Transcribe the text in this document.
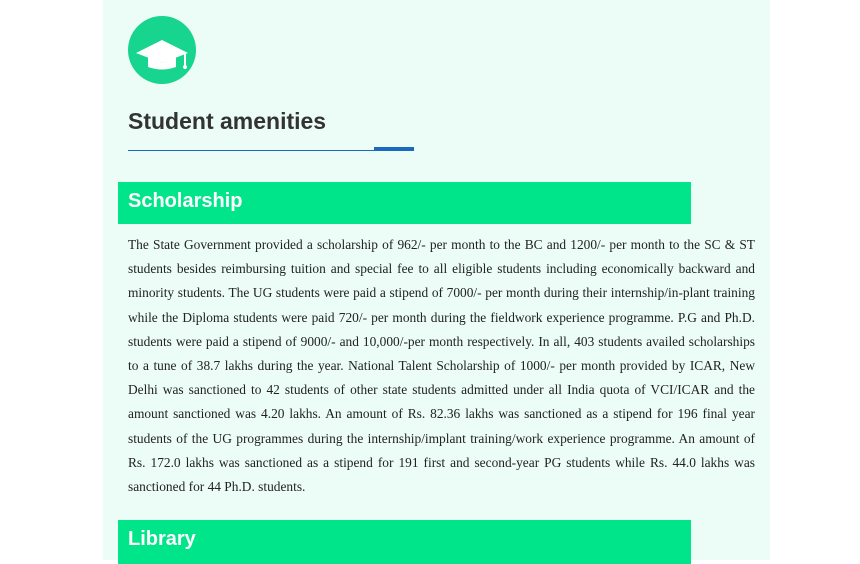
Student amenities
Scholarship

The State Government provided a scholarship of 962/- per month to the BC and 1200/- per month to the SC & ST students besides reimbursing tuition and special fee to all eligible students including economically backward and minority students. The UG students were paid a stipend of 7000/- per month during their internship/in-plant training while the Diploma students were paid 720/- per month during the fieldwork experience programme. P.G and Ph.D. students were paid a stipend of 9000/- and 10,000/-per month respectively. In all, 403 students availed scholarships to a tune of 38.7 lakhs during the year. National Talent Scholarship of 1000/- per month provided by ICAR, New Delhi was sanctioned to 42 students of other state students admitted under all India quota of VCI/ICAR and the amount sanctioned was 4.20 lakhs. An amount of Rs. 82.36 lakhs was sanctioned as a stipend for 196 final year students of the UG programmes during the internship/implant training/work experience programme. An amount of Rs. 172.0 lakhs was sanctioned as a stipend for 191 first and second-year PG students while Rs. 44.0 lakhs was sanctioned for 44 Ph.D. students.

Library
